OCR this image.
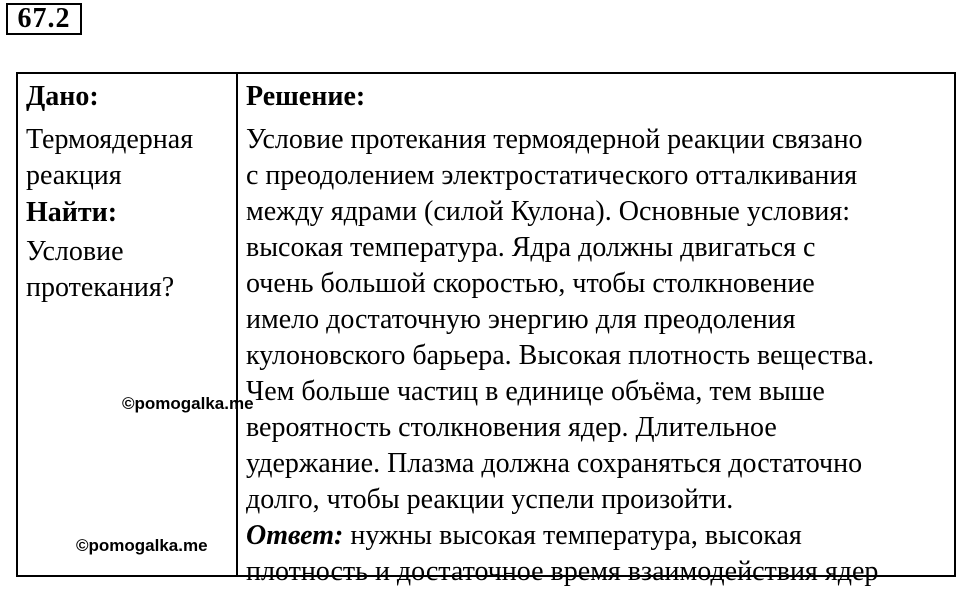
67.2

Дано:

Термоядерная

реакция

Найти:

Условие

протекания?

Решение:

Условие протекания термоядерной реакции связано

с преодолением электростатического отталкивания

между ядрами (силой Кулона). Основные условия:

высокая температура. Ядра должны двигаться с

очень большой скоростью, чтобы столкновение

имело достаточную энергию для преодоления

кулоновского барьера. Высокая плотность вещества.

Чем больше частиц в единице объёма, тем выше

вероятность столкновения ядер. Длительное

удержание. Плазма должна сохраняться достаточно

долго, чтобы реакции успели произойти.

Ответ: нужны высокая температура, высокая

плотность и достаточное время взаимодействия ядер

©pomogalka.me
©pomogalka.me
